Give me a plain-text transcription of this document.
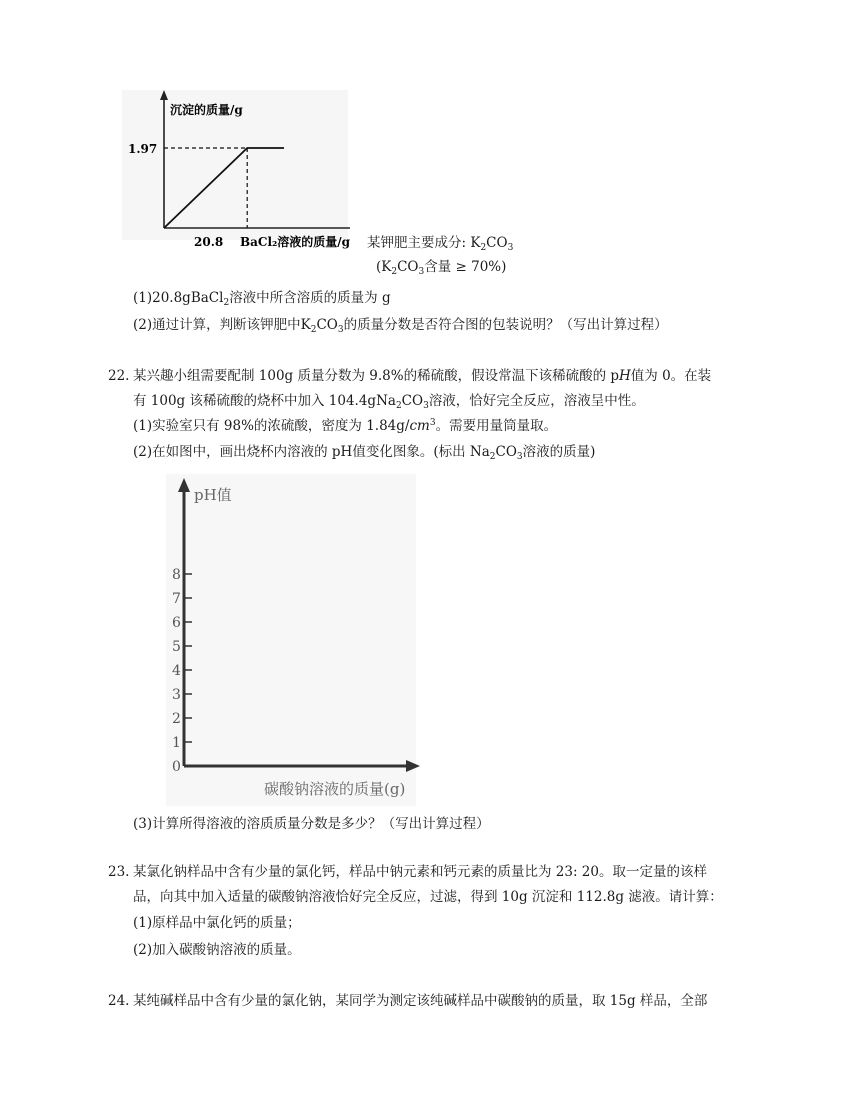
沉淀的质量/g
1.97
20.8 BaCl₂溶液的质量/g 某钾肥主要成分: $K_2CO_3$
($K_2CO_3$含量 ≥ 70%)
(1)20.8gBaCl$_2$溶液中所含溶质的质量为 g
(2)通过计算，判断该钾肥中$K_2CO_3$的质量分数是否符合图的包装说明？（写出计算过程）
22. 某兴趣小组需要配制 100g 质量分数为 9.8%的稀硫酸，假设常温下该稀硫酸的 pH值为 0。在装
有 100g 该稀硫酸的烧杯中加入 $104.4gNa_2CO_3$溶液，恰好完全反应，溶液呈中性。
(1)实验室只有 98%的浓硫酸，密度为 $1.84g/cm^3$。需要用量筒量取。
(2)在如图中，画出烧杯内溶液的 pH值变化图象。(标出 $Na_2CO_3$溶液的质量)
0
1
2
3
4
5
6
7
8
pH值
碳酸钠溶液的质量(g)
(3)计算所得溶液的溶质质量分数是多少？（写出计算过程）
23. 某氯化钠样品中含有少量的氯化钙，样品中钠元素和钙元素的质量比为 23: 20。取一定量的该样
品，向其中加入适量的碳酸钠溶液恰好完全反应，过滤，得到 10g 沉淀和 112.8g 滤液。请计算：
(1)原样品中氯化钙的质量；
(2)加入碳酸钠溶液的质量。
24. 某纯碱样品中含有少量的氯化钠，某同学为测定该纯碱样品中碳酸钠的质量，取 15g 样品，全部
